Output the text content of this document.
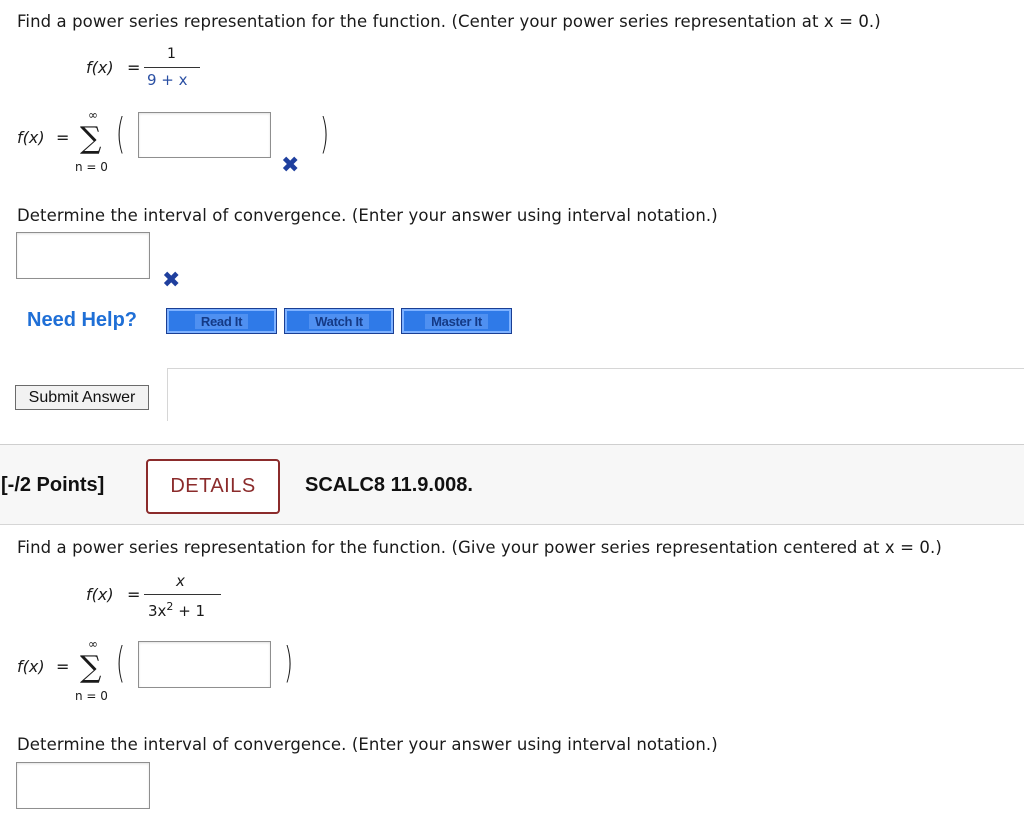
Find a power series representation for the function. (Center your power series representation at x = 0.)
f(x) =
1
9 + x
f(x) =
∞
∑
n = 0
(	)
✖
Determine the interval of convergence. (Enter your answer using interval notation.)
✖
Need Help?	Read It	Watch It	Master It
Submit Answer
[-/2 Points]	DETAILS	SCALC8 11.9.008.
Find a power series representation for the function. (Give your power series representation centered at x = 0.)
f(x) =
x
$3x^2 + 1$
f(x) =
∞
∑
n = 0
(	)
Determine the interval of convergence. (Enter your answer using interval notation.)
